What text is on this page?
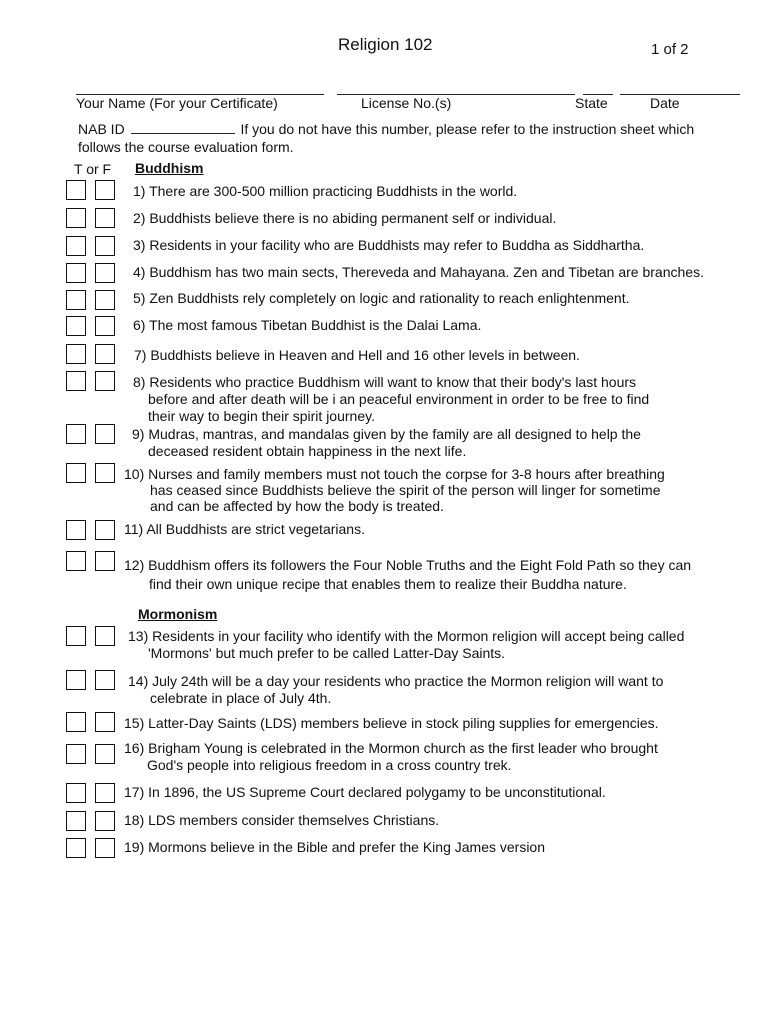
Religion 102	1 of 2
Your Name (For your Certificate)	License No.(s)	State	Date
NAB ID	If you do not have this number, please refer to the instruction sheet which
follows the course evaluation form.
T or F Buddhism
Mormonism
1) There are 300-500 million practicing Buddhists in the world.
2) Buddhists believe there is no abiding permanent self or individual.
3) Residents in your facility who are Buddhists may refer to Buddha as Siddhartha.
4) Buddhism has two main sects, Thereveda and Mahayana. Zen and Tibetan are branches.
5) Zen Buddhists rely completely on logic and rationality to reach enlightenment.
6) The most famous Tibetan Buddhist is the Dalai Lama.
7) Buddhists believe in Heaven and Hell and 16 other levels in between.
8) Residents who practice Buddhism will want to know that their body's last hours
before and after death will be i an peaceful environment in order to be free to find
their way to begin their spirit journey.
9) Mudras, mantras, and mandalas given by the family are all designed to help the
deceased resident obtain happiness in the next life.
10) Nurses and family members must not touch the corpse for 3-8 hours after breathing
has ceased since Buddhists believe the spirit of the person will linger for sometime
and can be affected by how the body is treated.
11) All Buddhists are strict vegetarians.
12) Buddhism offers its followers the Four Noble Truths and the Eight Fold Path so they can
find their own unique recipe that enables them to realize their Buddha nature.
13) Residents in your facility who identify with the Mormon religion will accept being called
'Mormons' but much prefer to be called Latter-Day Saints.
14) July 24th will be a day your residents who practice the Mormon religion will want to
celebrate in place of July 4th.
15) Latter-Day Saints (LDS) members believe in stock piling supplies for emergencies.
16) Brigham Young is celebrated in the Mormon church as the first leader who brought
God's people into religious freedom in a cross country trek.
17) In 1896, the US Supreme Court declared polygamy to be unconstitutional.
18) LDS members consider themselves Christians.
19) Mormons believe in the Bible and prefer the King James version
